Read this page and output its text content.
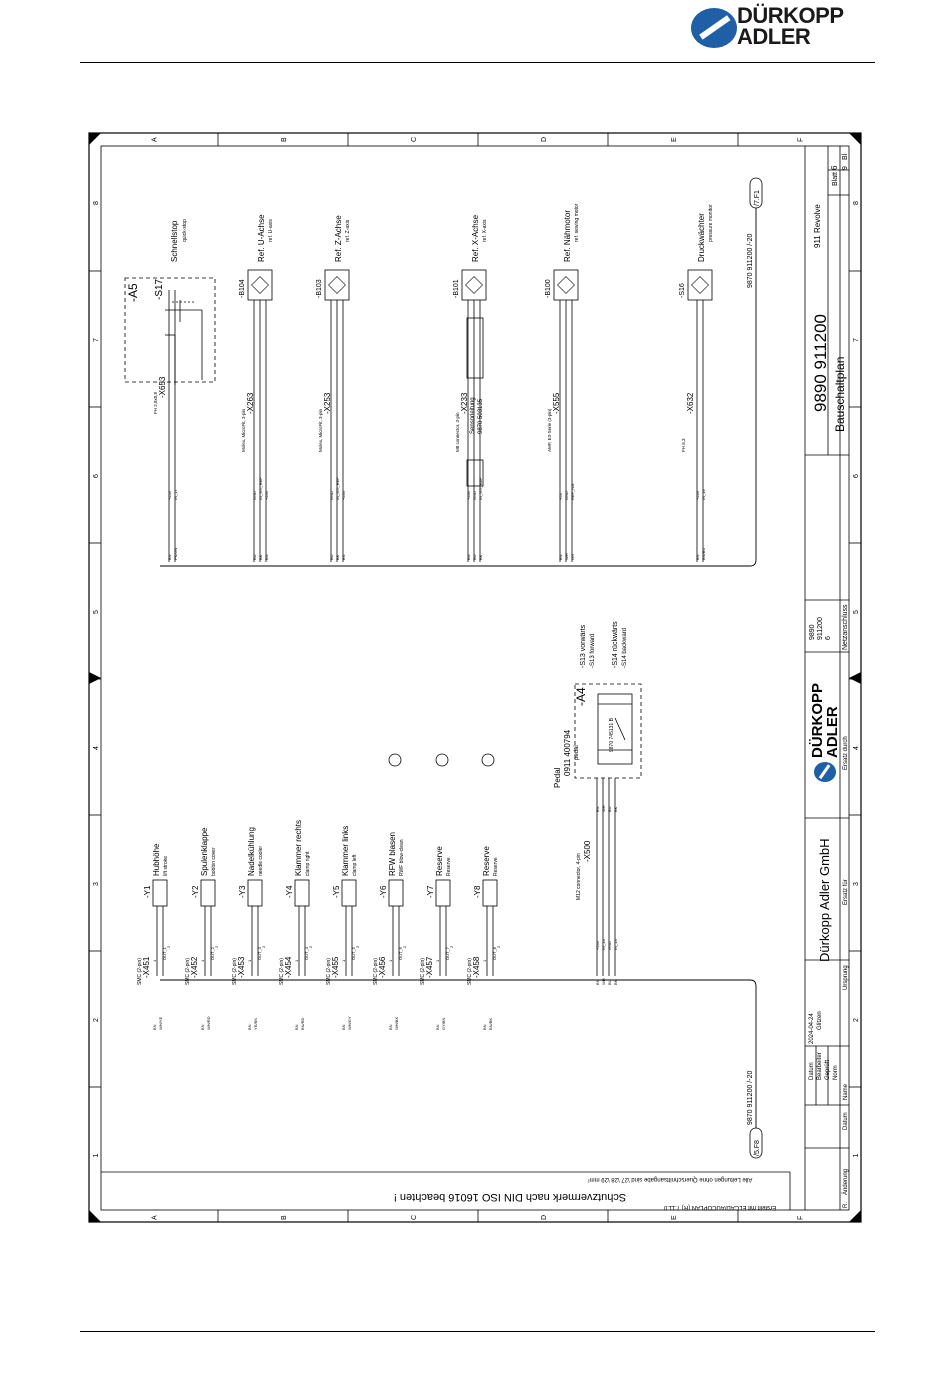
DÜRKOPP
ADLER
A
A
B
B
C
C
D
D
E
E
F
F
1	1
2	2
3	3
4	4
5	5
6	6
7	7
8	8
Dürkopp Adler GmbH
9890 911200 Bauschaltplan
911 Revolve
Blatt
6 9
Bl
9890 911200 6 Netzanschluss
Ersatz durch
Ersatz für
Ursprung
Datum Bearbeiter Geprüft
2024-04-24 Glitzen
Norm
Name
Datum
Änderung
R.
DÜRKOPP
ADLER
Schutzvermerk nach DIN ISO 16016 beachten !
Alle Leitungen ohne Querschnittsangabe sind \27 \28 \29 mm²
Erstellt mit ELCAD/AUCOPLAN (R) 7.11.0
/7.F1
9870 911200 /-20
/5.F8
9870 911200 /-20
+24V
BN
IN_17
PK/GN
-X653
FH 2,8x0,8
Schnellstop quick-stop
GND
BU
IN_STI_REF
BK
+24V
BN
-B104
-X263
Molex, MicroFit, 3-pin
Ref. U-Achse ref. U-axis
GND
BU
IN_STI_REF
BK
+24V
BN
-B103
-X253
Molex, MicroFit, 3-pin
Ref. Z-Achse ref. Z-axis
+24V
BN
GND
BU
IN_STI_REF
BK
-B101
-X233
M8 connector, 3-pin
Ref. X-Achse ref. X-axis
+5V
BN
GND
WH
REF_NM
GN
-B100
-X555
AMP, E3-Serie (3-pin)
Ref. Nähmotor ref. sewing motor
+24V
BN
IN_16
BN/BU
-S16
-X632
FH 6,3
Druckwächter pressure monitor
BN WH/YE
-Y1
-X451
SMC (2-pin)
OUT_1
1
2
Hubhöhe lift stroke
BN WH/RD
-Y2
-X452
SMC (2-pin)
OUT_2
1
2
Spulenklappe bobbin cover
BN YE/BN
-Y3
-X453
SMC (2-pin)
OUT_3
1
2
Nadelkühlung needle cooler
BN BN/RD
-Y4
-X454
SMC (2-pin)
OUT_4
1
2
Klammer rechts clamp right
BN WH/GY
-Y5
-X455
SMC (2-pin)
OUT_5
1
2
Klammer links clamp left
BN WH/BK
-Y6
-X456
SMC (2-pin)
OUT_6
1
2
RFW blasen RWF blow-clean
BN GY/BN
-Y7
-X457
SMC (2-pin)
OUT_7
1
2
Reserve Reserve
BN BN/BK
-Y8
-X458
SMC (2-pin)
OUT_8
1
2
Reserve Reserve
-A5 -S17
Sensorleitung 9870 503135
-A4
Pedal
0911 400794 pedal
9870 745131 B
-S13 vorwärts -S13 forward -S14 rückwärts -S14 backward
-X500
M12 connector, 4-pin
+24V
BN
BN
IN_14
WH
WH
GND
BU
BU
IN_13
BK
BK
